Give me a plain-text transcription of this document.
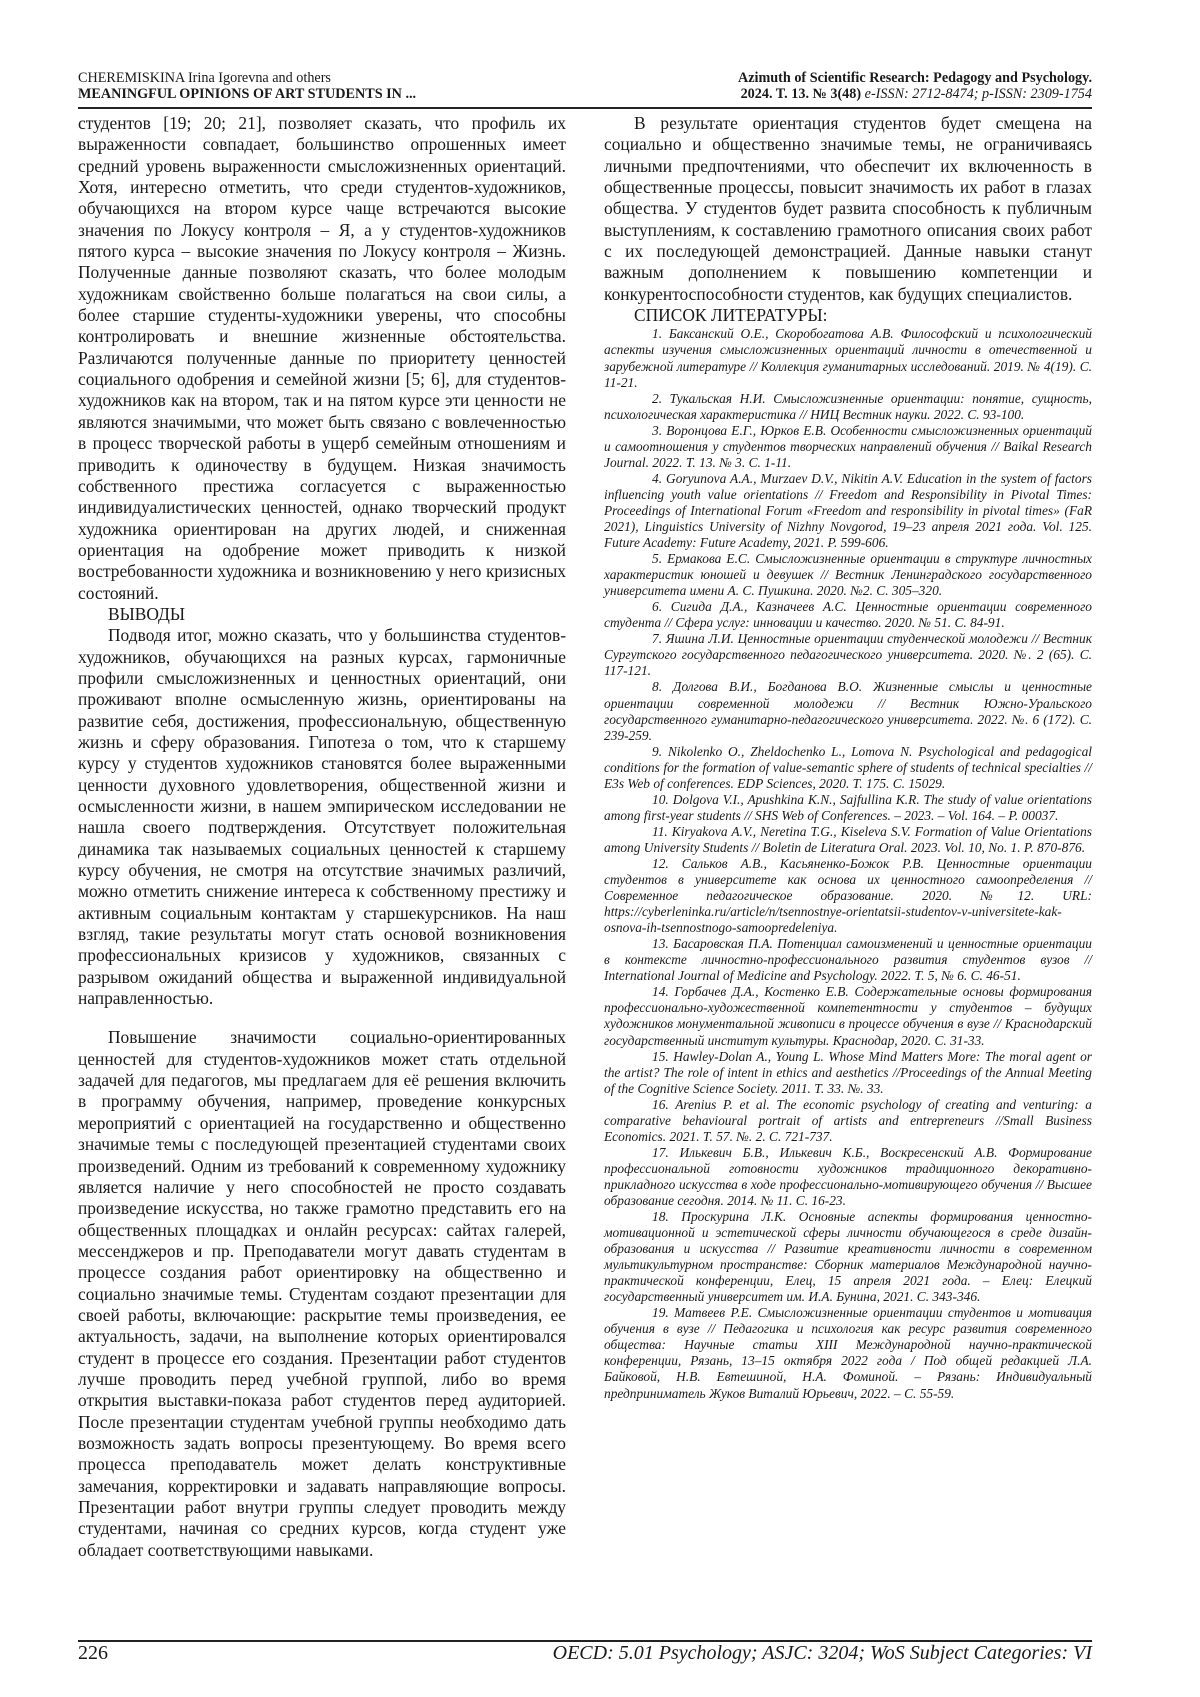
CHEREMISKINA Irina Igorevna and others
MEANINGFUL OPINIONS OF ART STUDENTS IN ...
Azimuth of Scientific Research: Pedagogy and Psychology.
2024. T. 13. № 3(48) e-ISSN: 2712-8474; p-ISSN: 2309-1754

студентов [19; 20; 21], позволяет сказать, что профиль их выраженности совпадает, большинство опрошенных имеет средний уровень выраженности смысложизненных ориентаций. Хотя, интересно отметить, что среди студентов-художников, обучающихся на втором курсе чаще встречаются высокие значения по Локусу контроля – Я, а у студентов-художников пятого курса – высокие значения по Локусу контроля – Жизнь. Полученные данные позволяют сказать, что более молодым художникам свойственно больше полагаться на свои силы, а более старшие студенты-художники уверены, что способны контролировать и внешние жизненные обстоятельства. Различаются полученные данные по приоритету ценностей социального одобрения и семейной жизни [5; 6], для студентов-художников как на втором, так и на пятом курсе эти ценности не являются значимыми, что может быть связано с вовлеченностью в процесс творческой работы в ущерб семейным отношениям и приводить к одиночеству в будущем. Низкая значимость собственного престижа согласуется с выраженностью индивидуалистических ценностей, однако творческий продукт художника ориентирован на других людей, и сниженная ориентация на одобрение может приводить к низкой востребованности художника и возникновению у него кризисных состояний.

ВЫВОДЫ

Подводя итог, можно сказать, что у большинства студентов-художников, обучающихся на разных курсах, гармоничные профили смысложизненных и ценностных ориентаций, они проживают вполне осмысленную жизнь, ориентированы на развитие себя, достижения, профессиональную, общественную жизнь и сферу образования. Гипотеза о том, что к старшему курсу у студентов художников становятся более выраженными ценности духовного удовлетворения, общественной жизни и осмысленности жизни, в нашем эмпирическом исследовании не нашла своего подтверждения. Отсутствует положительная динамика так называемых социальных ценностей к старшему курсу обучения, не смотря на отсутствие значимых различий, можно отметить снижение интереса к собственному престижу и активным социальным контактам у старшекурсников. На наш взгляд, такие результаты могут стать основой возникновения профессиональных кризисов у художников, связанных с разрывом ожиданий общества и выраженной индивидуальной направленностью.

Повышение значимости социально-ориентированных ценностей для студентов-художников может стать отдельной задачей для педагогов, мы предлагаем для её решения включить в программу обучения, например, проведение конкурсных мероприятий с ориентацией на государственно и общественно значимые темы с последующей презентацией студентами своих произведений. Одним из требований к современному художнику является наличие у него способностей не просто создавать произведение искусства, но также грамотно представить его на общественных площадках и онлайн ресурсах: сайтах галерей, мессенджеров и пр. Преподаватели могут давать студентам в процессе создания работ ориентировку на общественно и социально значимые темы. Студентам создают презентации для своей работы, включающие: раскрытие темы произведения, ее актуальность, задачи, на выполнение которых ориентировался студент в процессе его создания. Презентации работ студентов лучше проводить перед учебной группой, либо во время открытия выставки-показа работ студентов перед аудиторией. После презентации студентам учебной группы необходимо дать возможность задать вопросы презентующему. Во время всего процесса преподаватель может делать конструктивные замечания, корректировки и задавать направляющие вопросы. Презентации работ внутри группы следует проводить между студентами, начиная со средних курсов, когда студент уже обладает соответствующими навыками.

В результате ориентация студентов будет смещена на социально и общественно значимые темы, не ограничиваясь личными предпочтениями, что обеспечит их включенность в общественные процессы, повысит значимость их работ в глазах общества. У студентов будет развита способность к публичным выступлениям, к составлению грамотного описания своих работ с их последующей демонстрацией. Данные навыки станут важным дополнением к повышению компетенции и конкурентоспособности студентов, как будущих специалистов.

СПИСОК ЛИТЕРАТУРЫ:

1. Баксанский О.Е., Скоробогатова А.В. Философский и психологический аспекты изучения смысложизненных ориентаций личности в отечественной и зарубежной литературе // Коллекция гуманитарных исследований. 2019. № 4(19). С. 11-21.

2. Тукальская Н.И. Смысложизненные ориентации: понятие, сущность, психологическая характеристика // НИЦ Вестник науки. 2022. С. 93-100.

3. Воронцова Е.Г., Юрков Е.В. Особенности смысложизненных ориентаций и самоотношения у студентов творческих направлений обучения // Baikal Research Journal. 2022. Т. 13. № 3. С. 1-11.

4. Goryunova A.A., Murzaev D.V., Nikitin A.V. Education in the system of factors influencing youth value orientations // Freedom and Responsibility in Pivotal Times: Proceedings of International Forum «Freedom and responsibility in pivotal times» (FaR 2021), Linguistics University of Nizhny Novgorod, 19–23 апреля 2021 года. Vol. 125. Future Academy: Future Academy, 2021. P. 599-606.

5. Ермакова Е.С. Смысложизненные ориентации в структуре личностных характеристик юношей и девушек // Вестник Ленинградского государственного университета имени А. С. Пушкина. 2020. №2. С. 305–320.

6. Сигида Д.А., Казначеев А.С. Ценностные ориентации современного студента // Сфера услуг: инновации и качество. 2020. № 51. С. 84-91.

7. Яшина Л.И. Ценностные ориентации студенческой молодежи // Вестник Сургутского государственного педагогического университета. 2020. №. 2 (65). С. 117-121.

8. Долгова В.И., Богданова В.О. Жизненные смыслы и ценностные ориентации современной молодежи // Вестник Южно-Уральского государственного гуманитарно-педагогического университета. 2022. №. 6 (172). С. 239-259.

9. Nikolenko O., Zheldochenko L., Lomova N. Psychological and pedagogical conditions for the formation of value-semantic sphere of students of technical specialties // E3s Web of conferences. EDP Sciences, 2020. Т. 175. С. 15029.

10. Dolgova V.I., Apushkina K.N., Sajfullina K.R. The study of value orientations among first-year students // SHS Web of Conferences. – 2023. – Vol. 164. – P. 00037.

11. Kiryakova A.V., Neretina T.G., Kiseleva S.V. Formation of Value Orientations among University Students // Boletin de Literatura Oral. 2023. Vol. 10, No. 1. P. 870-876.

12. Сальков А.В., Касьяненко-Божок Р.В. Ценностные ориентации студентов в университете как основа их ценностного самоопределения // Современное педагогическое образование. 2020. №12. URL: https://cyberleninka.ru/article/n/tsennostnye-orientatsii-studentov-v-universitete-kak-osnova-ih-tsennostnogo-samoopredeleniya.

13. Басаровская П.А. Потенциал самоизменений и ценностные ориентации в контексте личностно-профессионального развития студентов вузов // International Journal of Medicine and Psychology. 2022. Т. 5, № 6. С. 46-51.

14. Горбачев Д.А., Костенко Е.В. Содержательные основы формирования профессионально-художественной компетентности у студентов – будущих художников монументальной живописи в процессе обучения в вузе // Краснодарский государственный институт культуры. Краснодар, 2020. С. 31-33.

15. Hawley-Dolan A., Young L. Whose Mind Matters More: The moral agent or the artist? The role of intent in ethics and aesthetics //Proceedings of the Annual Meeting of the Cognitive Science Society. 2011. Т. 33. №. 33.

16. Arenius P. et al. The economic psychology of creating and venturing: a comparative behavioural portrait of artists and entrepreneurs //Small Business Economics. 2021. Т. 57. №. 2. С. 721-737.

17. Илькевич Б.В., Илькевич К.Б., Воскресенский А.В. Формирование профессиональной готовности художников традиционного декоративно-прикладного искусства в ходе профессионально-мотивирующего обучения // Высшее образование сегодня. 2014. № 11. С. 16-23.

18. Проскурина Л.К. Основные аспекты формирования ценностно-мотивационной и эстетической сферы личности обучающегося в среде дизайн-образования и искусства // Развитие креативности личности в современном мультикультурном пространстве: Сборник материалов Международной научно-практической конференции, Елец, 15 апреля 2021 года. – Елец: Елецкий государственный университет им. И.А. Бунина, 2021. С. 343-346.

19. Матвеев Р.Е. Смысложизненные ориентации студентов и мотивация обучения в вузе // Педагогика и психология как ресурс развития современного общества: Научные статьи XIII Международной научно-практической конференции, Рязань, 13–15 октября 2022 года / Под общей редакцией Л.А. Байковой, Н.В. Евтешиной, Н.А. Фоминой. – Рязань: Индивидуальный предприниматель Жуков Виталий Юрьевич, 2022. – С. 55-59.

226	OECD: 5.01 Psychology; ASJC: 3204; WoS Subject Categories: VI
